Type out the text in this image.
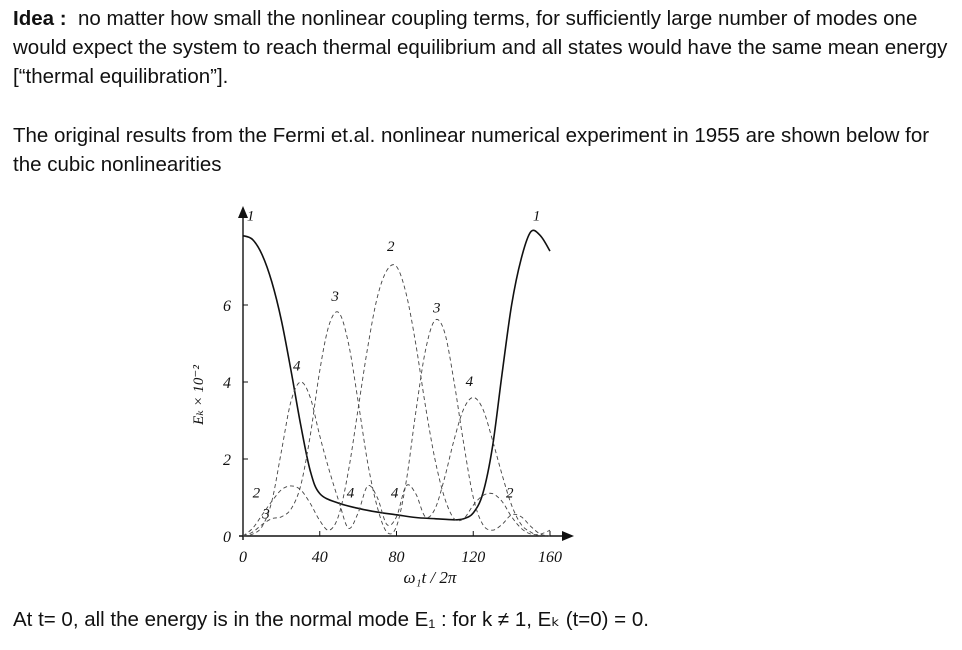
Idea : no matter how small the nonlinear coupling terms, for sufficiently large number of modes one would expect the system to reach thermal equilibrium and all states would have the same mean energy [“thermal equilibration”].
The original results from the Fermi et.al. nonlinear numerical experiment in 1955 are shown below for the cubic nonlinearities
0	40	80	120	160
0
2
4
6
1	1
2
2	2
3
3
3
4
4
4 4
ω₁t / 2π
Eₖ × 10⁻²
At t= 0, all the energy is in the normal mode E₁ : for k ≠ 1, Eₖ (t=0) = 0.
